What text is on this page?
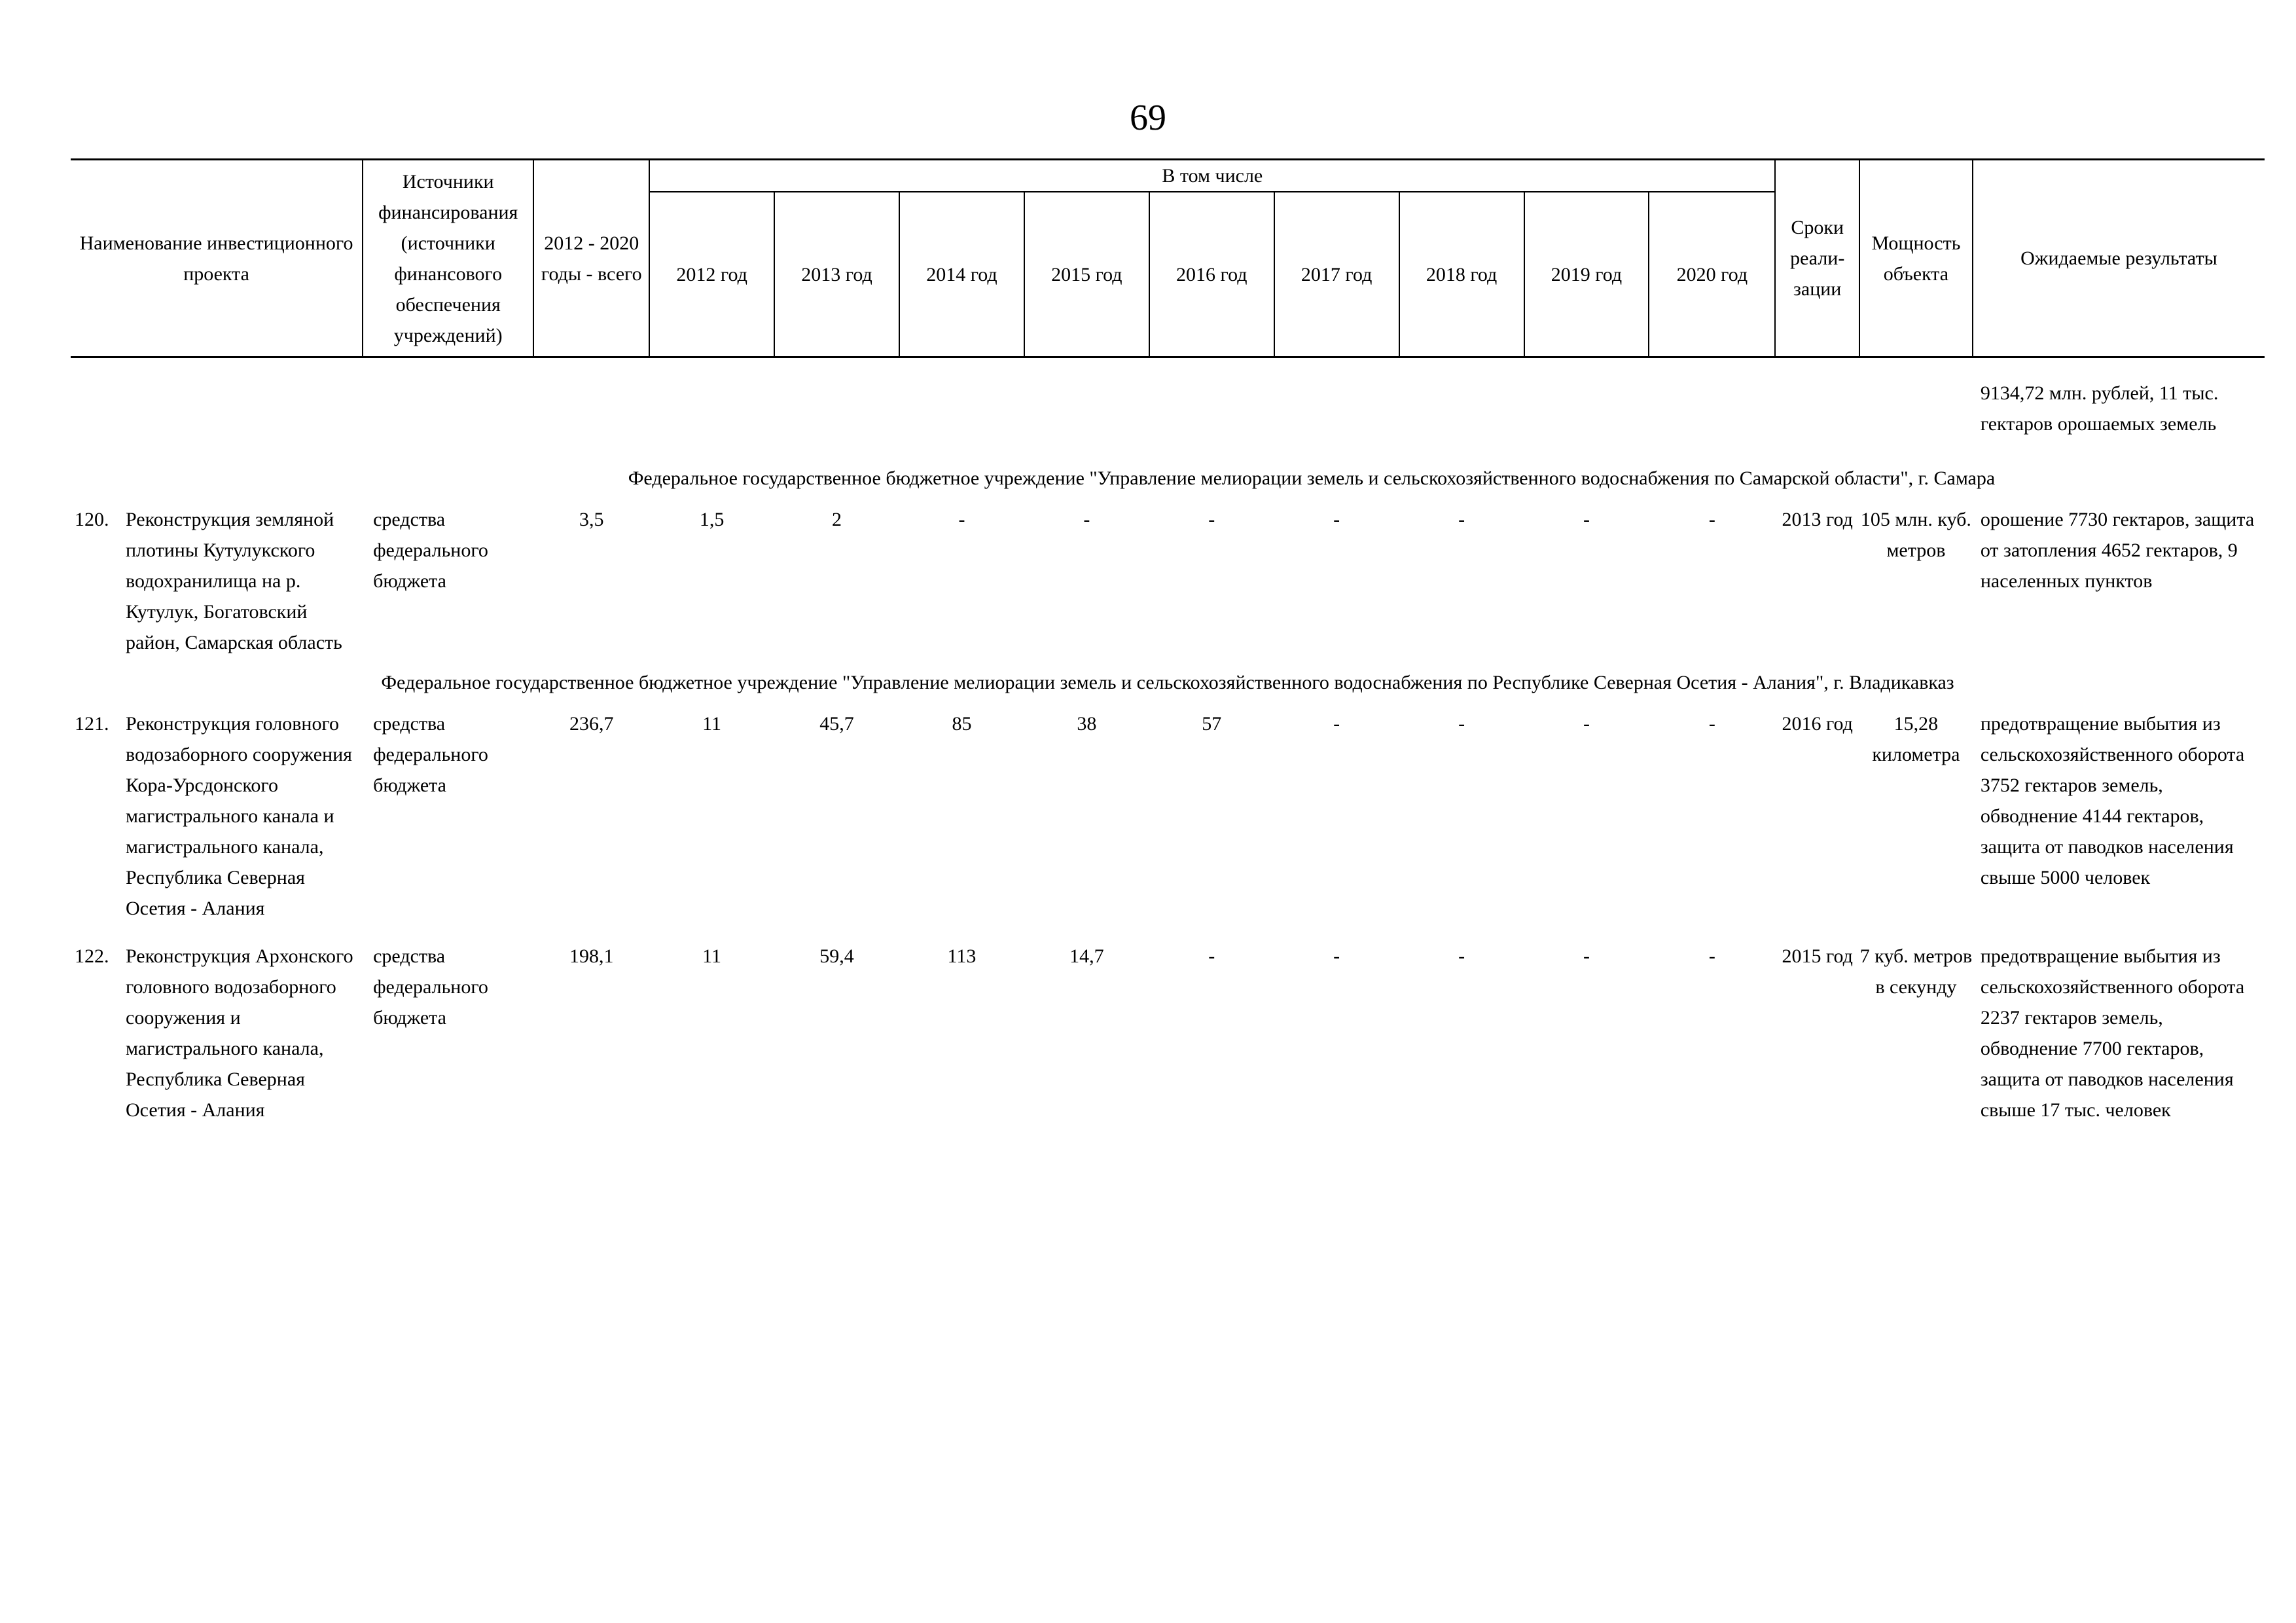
69
Наименование инвестиционного проекта	Источники финансирования (источники финансового обеспечения учреждений)	2012 - 2020 годы - всего	В том числе									Сроки реали- зации	Мощность объекта	Ожидаемые результаты
			2012 год	2013 год	2014 год	2015 год	2016 год	2017 год	2018 год	2019 год	2020 год			
														9134,72 млн. рублей, 11 тыс. гектаров орошаемых земель
Федеральное государственное бюджетное учреждение "Управление мелиорации земель и сельскохозяйственного водоснабжения по Самарской области", г. Самара														

120. Реконструкция земляной плотины Кутулукского водохранилища на р. Кутулук, Богатовский район, Самарская область	средства федерального бюджета	3,5	1,5	2	-	-	-	-	-	-	-	2013 год	105 млн. куб. метров	орошение 7730 гектаров, защита от затопления 4652 гектаров, 9 населенных пунктов
Федеральное государственное бюджетное учреждение "Управление мелиорации земель и сельскохозяйственного водоснабжения по Республике Северная Осетия - Алания", г. Владикавказ														

121. Реконструкция головного водозаборного сооружения Кора-Урсдонского магистрального канала и магистрального канала, Республика Северная Осетия - Алания	средства федерального бюджета	236,7	11	45,7	85	38	57	-	-	-	-	2016 год	15,28 километра	предотвращение выбытия из сельскохозяйственного оборота 3752 гектаров земель, обводнение 4144 гектаров, защита от паводков населения свыше 5000 человек

122. Реконструкция Архонского головного водозаборного сооружения и магистрального канала, Республика Северная Осетия - Алания	средства федерального бюджета	198,1	11	59,4	113	14,7	-	-	-	-	-	2015 год	7 куб. метров в секунду	предотвращение выбытия из сельскохозяйственного оборота 2237 гектаров земель, обводнение 7700 гектаров, защита от паводков населения свыше 17 тыс. человек
